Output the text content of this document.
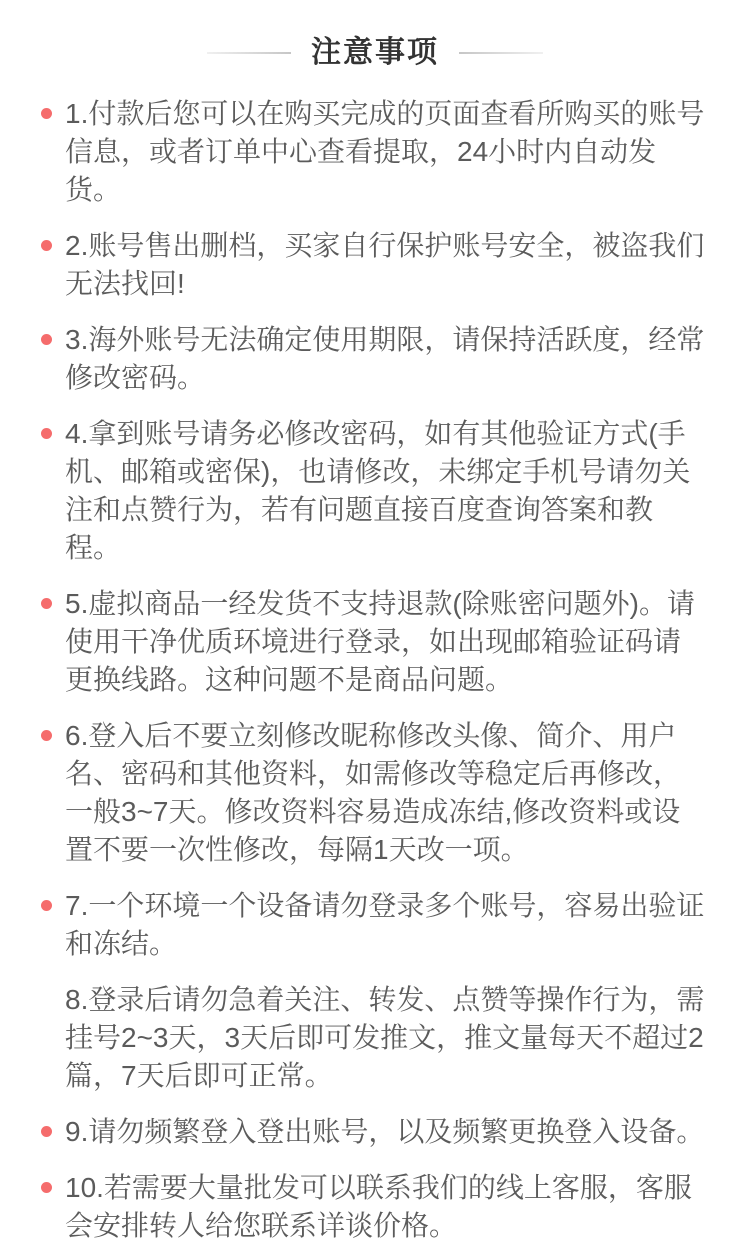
注意事项

1.付款后您可以在购买完成的页面查看所购买的账号信息，或者订单中心查看提取，24小时内自动发货。

2.账号售出删档，买家自行保护账号安全，被盗我们无法找回!

3.海外账号无法确定使用期限，请保持活跃度，经常修改密码。

4.拿到账号请务必修改密码，如有其他验证方式(手机、邮箱或密保)，也请修改，未绑定手机号请勿关注和点赞行为，若有问题直接百度查询答案和教程。

5.虚拟商品一经发货不支持退款(除账密问题外)。请使用干净优质环境进行登录，如出现邮箱验证码请更换线路。这种问题不是商品问题。

6.登入后不要立刻修改昵称修改头像、简介、用户名、密码和其他资料，如需修改等稳定后再修改，一般3~7天。修改资料容易造成冻结,修改资料或设置不要一次性修改，每隔1天改一项。

7.一个环境一个设备请勿登录多个账号，容易出验证和冻结。

8.登录后请勿急着关注、转发、点赞等操作行为，需挂号2~3天，3天后即可发推文，推文量每天不超过2篇，7天后即可正常。

9.请勿频繁登入登出账号，以及频繁更换登入设备。

10.若需要大量批发可以联系我们的线上客服，客服会安排转人给您联系详谈价格。
